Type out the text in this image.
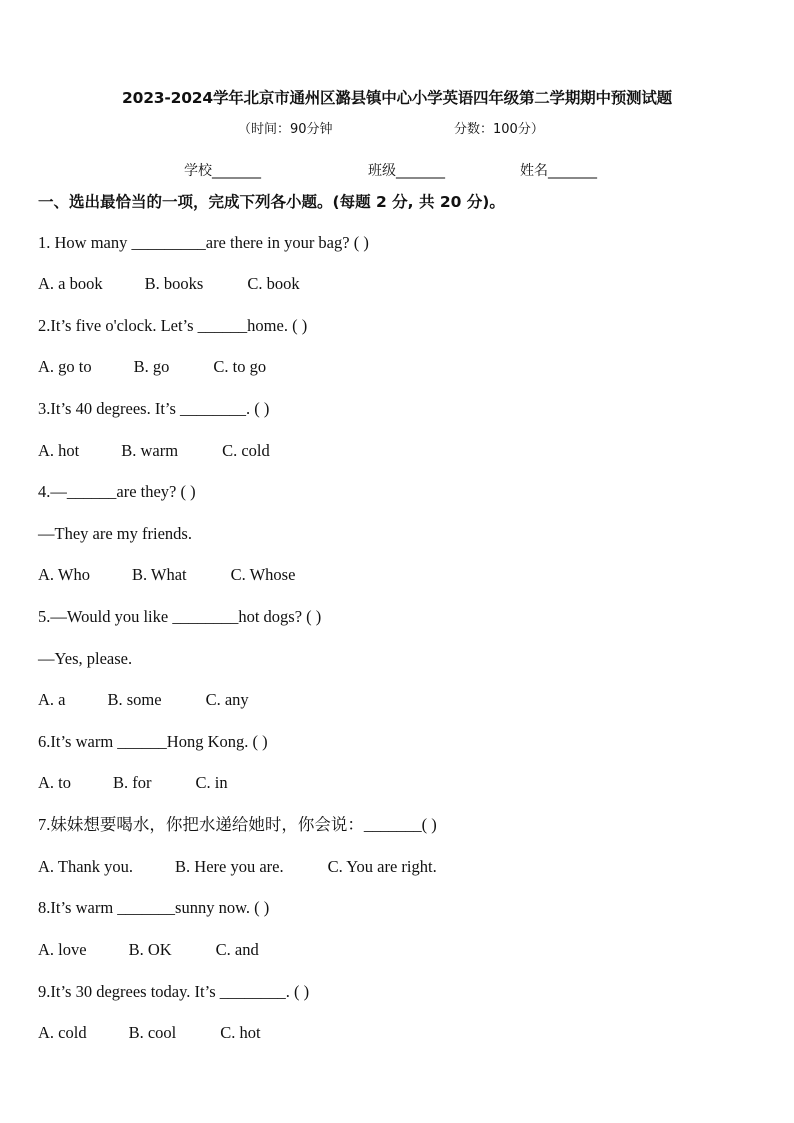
2023-2024学年北京市通州区潞县镇中心小学英语四年级第二学期期中预测试题
（时间：90分钟	分数：100分）
学校_______	班级_______	姓名_______
一、选出最恰当的一项，完成下列各小题。(每题 2 分, 共 20 分)。
1. How many _________are there in your bag? ( )
A. a book	B. books	C. book
2.It’s five o'clock. Let’s ______home. ( )
A. go to	B. go	C. to go
3.It’s 40 degrees. It’s ________. ( )
A. hot	B. warm	C. cold
4.—______are they? ( )
—They are my friends.
A. Who	B. What	C. Whose
5.—Would you like ________hot dogs? ( )
—Yes, please.
A. a	B. some	C. any
6.It’s warm ______Hong Kong. ( )
A. to	B. for	C. in
7.妹妹想要喝水，你把水递给她时，你会说：_______( )
A. Thank you.	B. Here you are.	C. You are right.
8.It’s warm _______sunny now. ( )
A. love	B. OK	C. and
9.It’s 30 degrees today. It’s ________. ( )
A. cold	B. cool	C. hot
